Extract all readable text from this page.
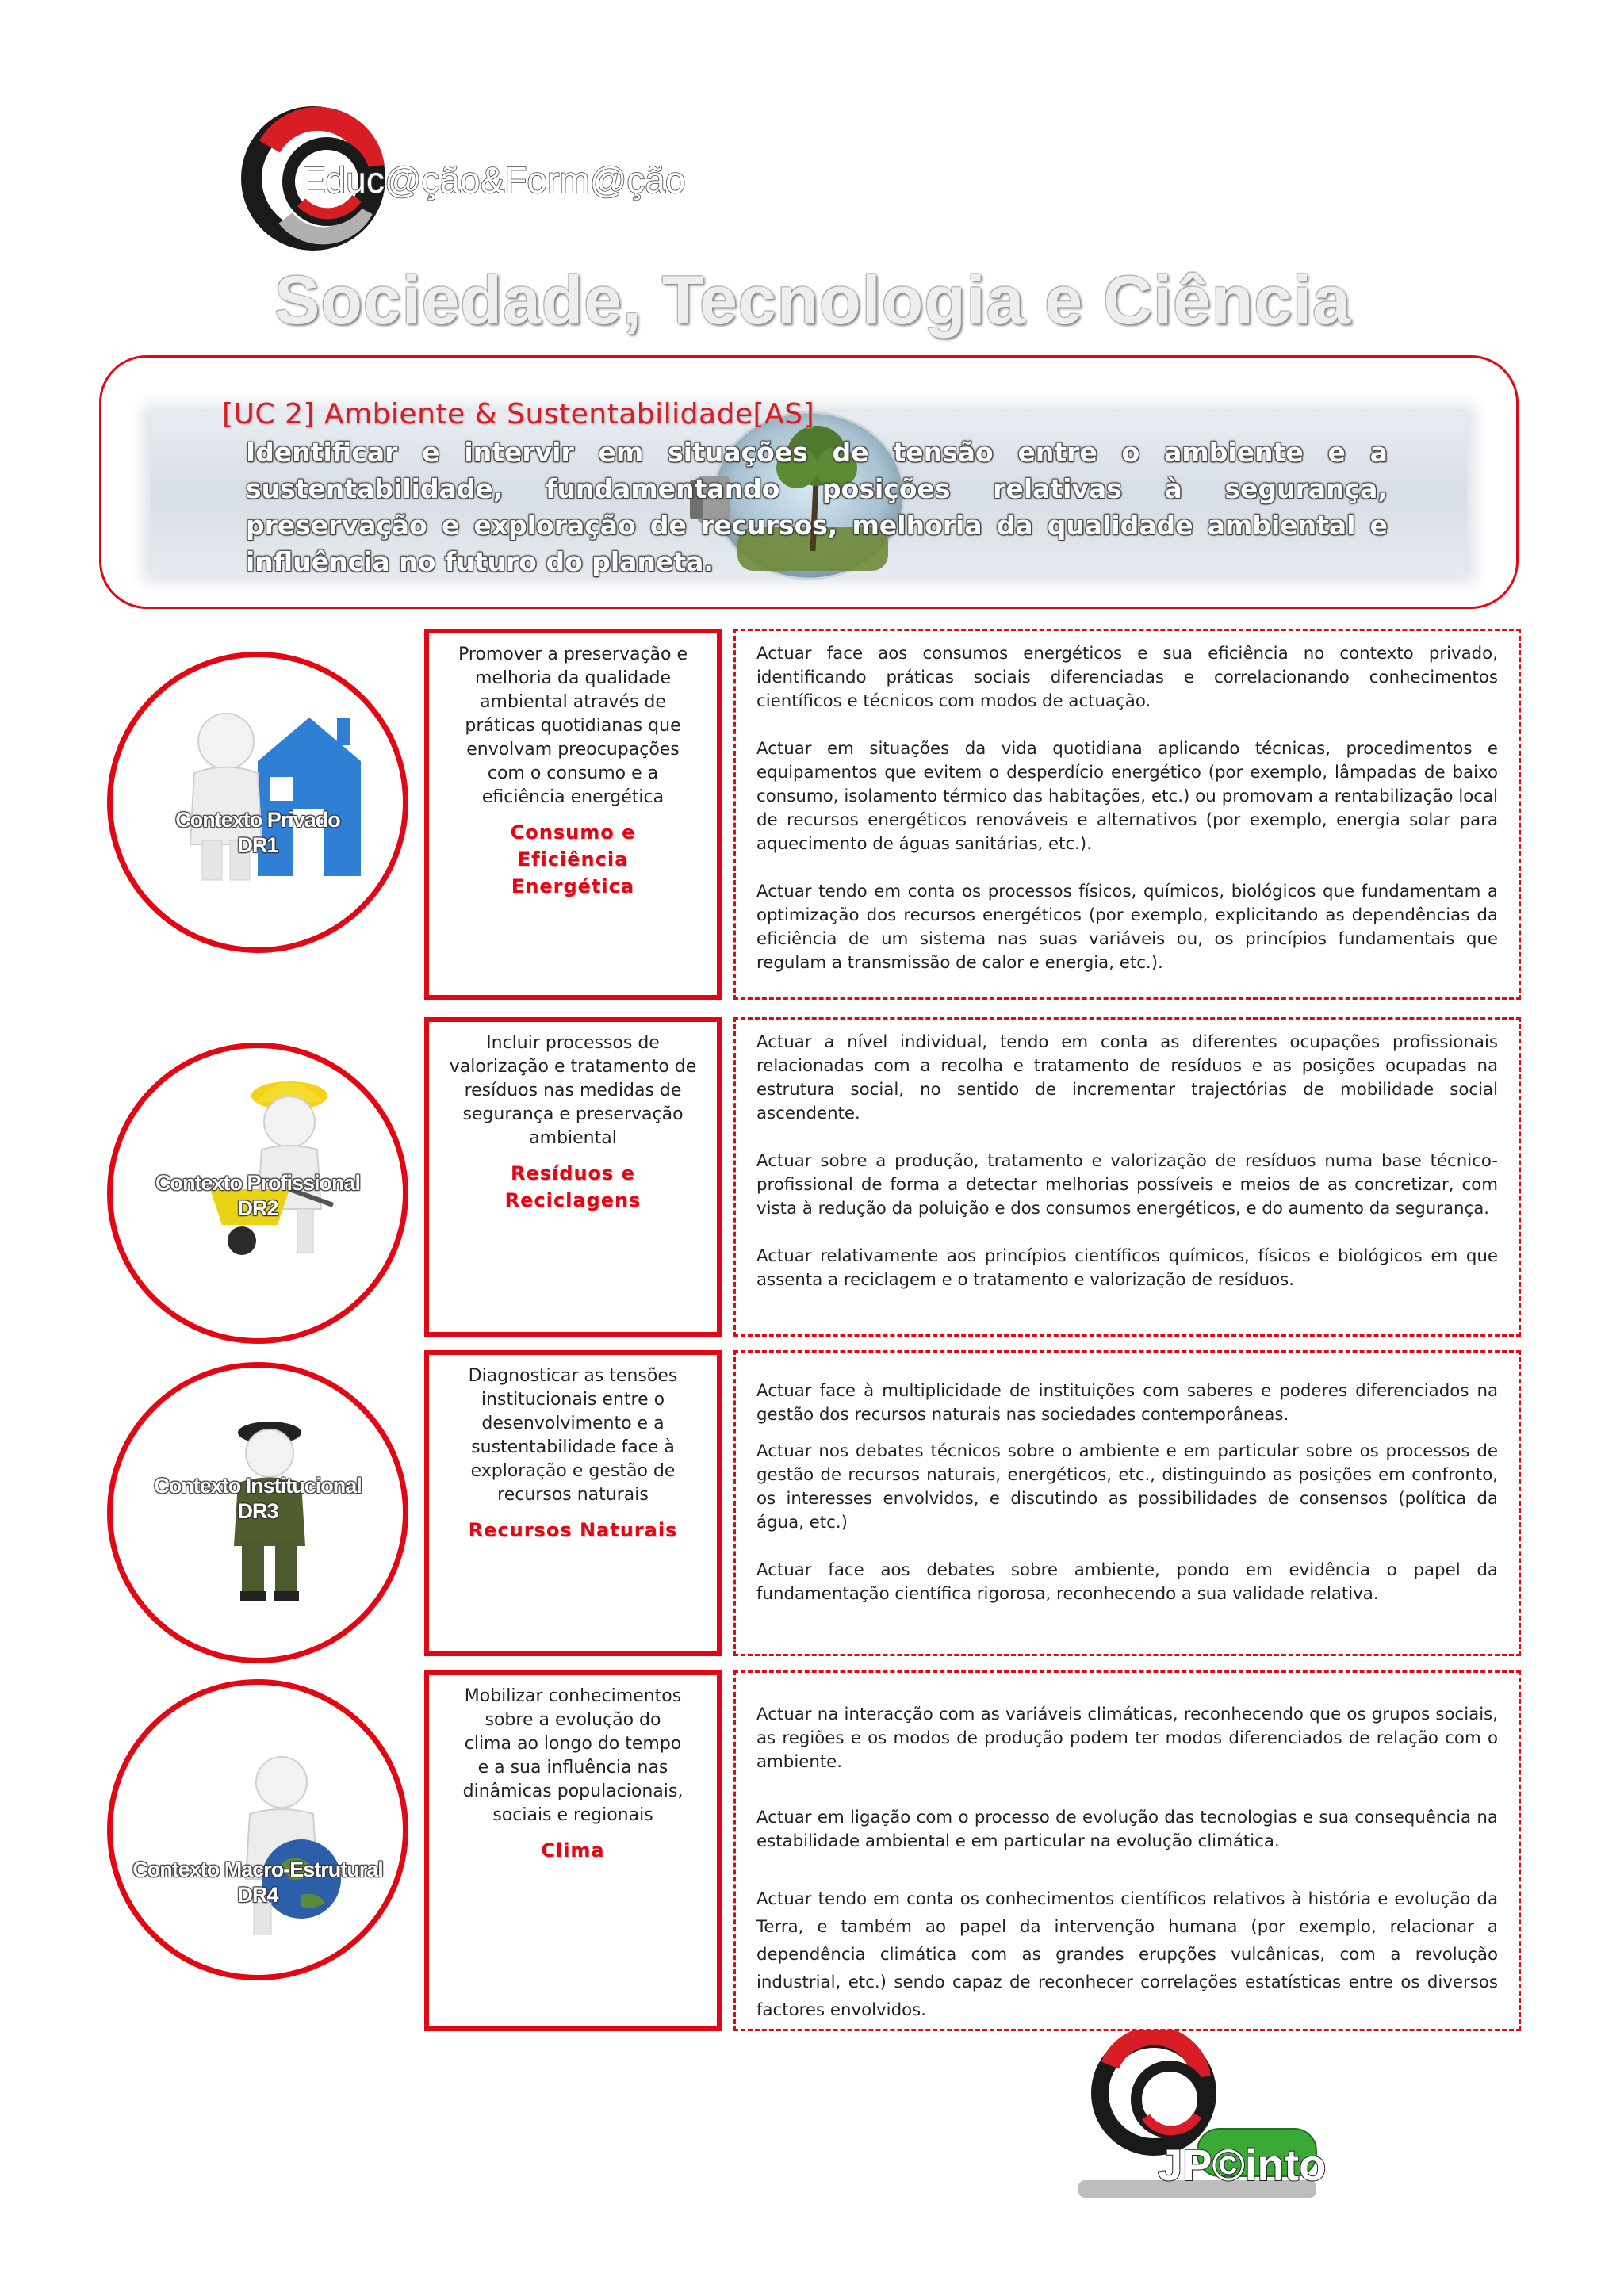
Educ@ção&Form@ção
Sociedade, Tecnologia e Ciência
[UC 2] Ambiente & Sustentabilidade[AS]
Identificar e intervir em situações de tensão entre o ambiente e a sustentabilidade, fundamentando posições relativas à segurança, preservação e exploração de recursos, melhoria da qualidade ambiental e influência no futuro do planeta.
Contexto Privado
DR1
Promover a preservação e melhoria da qualidade ambiental através de práticas quotidianas que envolvam preocupações com o consumo e a eficiência energética
Consumo e Eficiência Energética

Actuar face aos consumos energéticos e sua eficiência no contexto privado, identificando práticas sociais diferenciadas e correlacionando conhecimentos científicos e técnicos com modos de actuação.

Actuar em situações da vida quotidiana aplicando técnicas, procedimentos e equipamentos que evitem o desperdício energético (por exemplo, lâmpadas de baixo consumo, isolamento térmico das habitações, etc.) ou promovam a rentabilização local de recursos energéticos renováveis e alternativos (por exemplo, energia solar para aquecimento de águas sanitárias, etc.).

Actuar tendo em conta os processos físicos, químicos, biológicos que fundamentam a optimização dos recursos energéticos (por exemplo, explicitando as dependências da eficiência de um sistema nas suas variáveis ou, os princípios fundamentais que regulam a transmissão de calor e energia, etc.).

Contexto Profissional
DR2
Incluir processos de valorização e tratamento de resíduos nas medidas de segurança e preservação ambiental
Resíduos e Reciclagens

Actuar a nível individual, tendo em conta as diferentes ocupações profissionais relacionadas com a recolha e tratamento de resíduos e as posições ocupadas na estrutura social, no sentido de incrementar trajectórias de mobilidade social ascendente.

Actuar sobre a produção, tratamento e valorização de resíduos numa base técnico-profissional de forma a detectar melhorias possíveis e meios de as concretizar, com vista à redução da poluição e dos consumos energéticos, e do aumento da segurança.

Actuar relativamente aos princípios científicos químicos, físicos e biológicos em que assenta a reciclagem e o tratamento e valorização de resíduos.

Contexto Institucional
DR3
Diagnosticar as tensões institucionais entre o desenvolvimento e a sustentabilidade face à exploração e gestão de recursos naturais
Recursos Naturais

Actuar face à multiplicidade de instituições com saberes e poderes diferenciados na gestão dos recursos naturais nas sociedades contemporâneas.

Actuar nos debates técnicos sobre o ambiente e em particular sobre os processos de gestão de recursos naturais, energéticos, etc., distinguindo as posições em confronto, os interesses envolvidos, e discutindo as possibilidades de consensos (política da água, etc.)

Actuar face aos debates sobre ambiente, pondo em evidência o papel da fundamentação científica rigorosa, reconhecendo a sua validade relativa.

Contexto Macro-Estrutural
DR4
Mobilizar conhecimentos sobre a evolução do clima ao longo do tempo e a sua influência nas dinâmicas populacionais, sociais e regionais
Clima

Actuar na interacção com as variáveis climáticas, reconhecendo que os grupos sociais, as regiões e os modos de produção podem ter modos diferenciados de relação com o ambiente.

Actuar em ligação com o processo de evolução das tecnologias e sua consequência na estabilidade ambiental e em particular na evolução climática.

Actuar tendo em conta os conhecimentos científicos relativos à história e evolução da Terra, e também ao papel da intervenção humana (por exemplo, relacionar a dependência climática com as grandes erupções vulcânicas, com a revolução industrial, etc.) sendo capaz de reconhecer correlações estatísticas entre os diversos factores envolvidos.

JP©into
